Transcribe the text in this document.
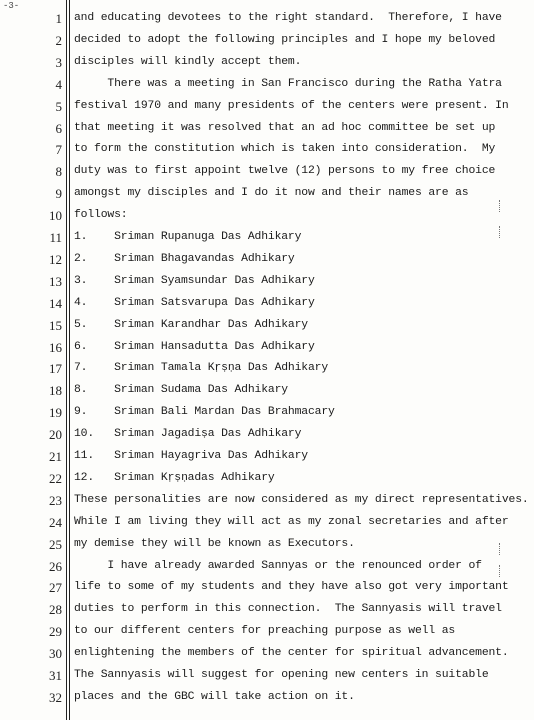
-3-
1
2
3
4
5
6
7
8
9
10
11
12
13
14
15
16
17
18
19
20
21
22
23
24
25
26
27
28
29
30
31
32
and educating devotees to the right standard.  Therefore, I have
decided to adopt the following principles and I hope my beloved
disciples will kindly accept them.
There was a meeting in San Francisco during the Ratha Yatra
festival 1970 and many presidents of the centers were present. In
that meeting it was resolved that an ad hoc committee be set up
to form the constitution which is taken into consideration.  My
duty was to first appoint twelve (12) persons to my free choice
amongst my disciples and I do it now and their names are as
follows:
1.    Sriman Rupanuga Das Adhikary
2.    Sriman Bhagavandas Adhikary
3.    Sriman Syamsundar Das Adhikary
4.    Sriman Satsvarupa Das Adhikary
5.    Sriman Karandhar Das Adhikary
6.    Sriman Hansadutta Das Adhikary
7.    Sriman Tamala Kṛṣṇa Das Adhikary
8.    Sriman Sudama Das Adhikary
9.    Sriman Bali Mardan Das Brahmacary
10.   Sriman Jagadiṣa Das Adhikary
11.   Sriman Hayagriva Das Adhikary
12.   Sriman Kṛṣṇadas Adhikary
These personalities are now considered as my direct representatives.
While I am living they will act as my zonal secretaries and after
my demise they will be known as Executors.
I have already awarded Sannyas or the renounced order of
life to some of my students and they have also got very important
duties to perform in this connection.  The Sannyasis will travel
to our different centers for preaching purpose as well as
enlightening the members of the center for spiritual advancement.
The Sannyasis will suggest for opening new centers in suitable
places and the GBC will take action on it.
